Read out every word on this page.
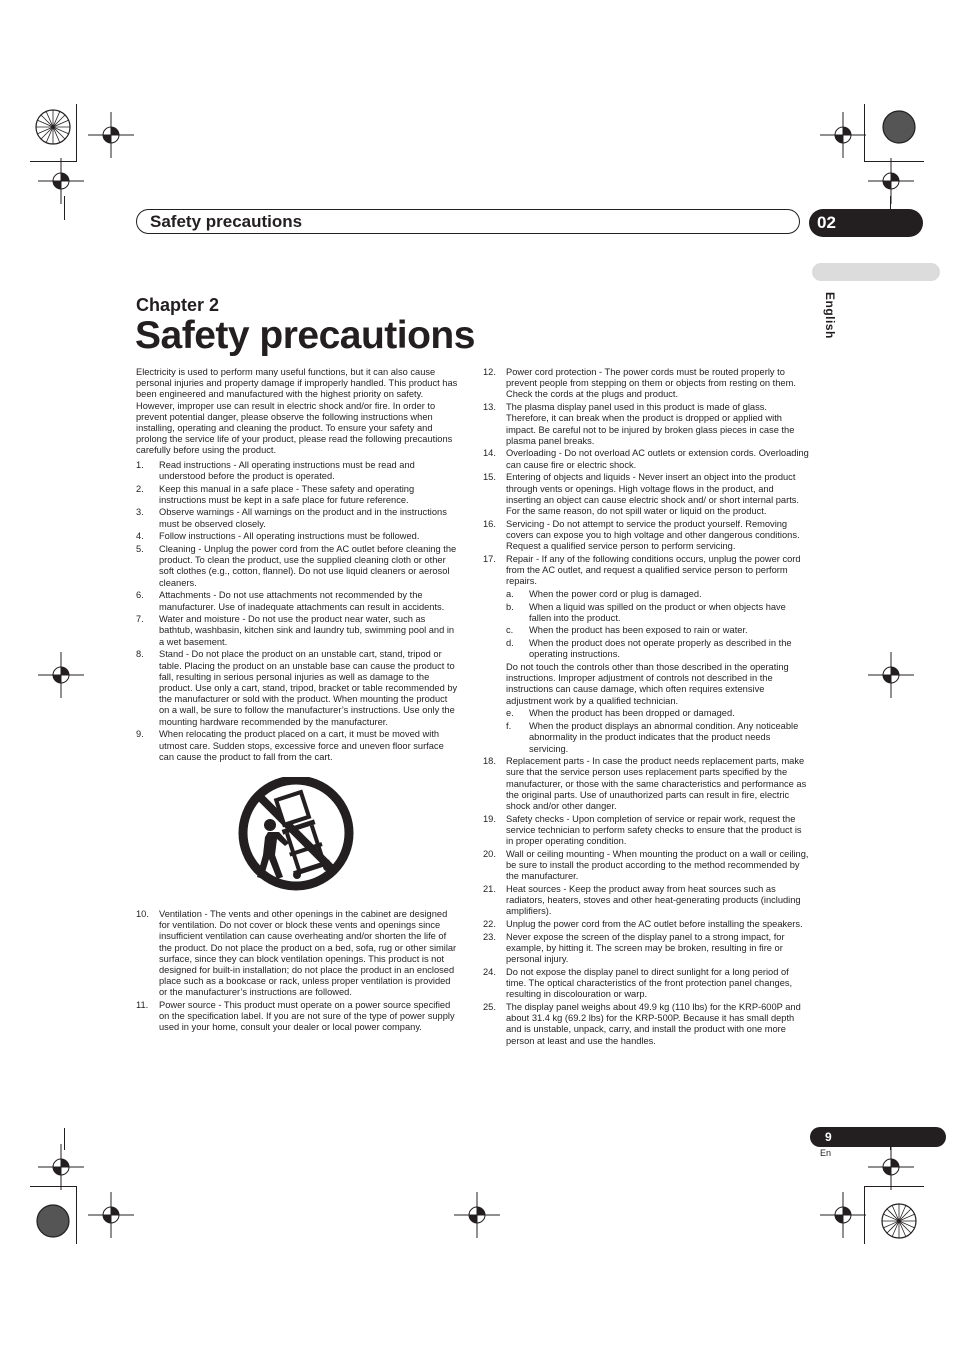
Safety precautions	02
English
Chapter 2
Safety precautions

Electricity is used to perform many useful functions, but it can also cause personal injuries and property damage if improperly handled. This product has been engineered and manufactured with the highest priority on safety. However, improper use can result in electric shock and/or fire. In order to prevent potential danger, please observe the following instructions when installing, operating and cleaning the product. To ensure your safety and prolong the service life of your product, please read the following precautions carefully before using the product.

1. Read instructions - All operating instructions must be read and understood before the product is operated.
2. Keep this manual in a safe place - These safety and operating instructions must be kept in a safe place for future reference.
3. Observe warnings - All warnings on the product and in the instructions must be observed closely.
4. Follow instructions - All operating instructions must be followed.
5. Cleaning - Unplug the power cord from the AC outlet before cleaning the product. To clean the product, use the supplied cleaning cloth or other soft clothes (e.g., cotton, flannel). Do not use liquid cleaners or aerosol cleaners.
6. Attachments - Do not use attachments not recommended by the manufacturer. Use of inadequate attachments can result in accidents.
7. Water and moisture - Do not use the product near water, such as bathtub, washbasin, kitchen sink and laundry tub, swimming pool and in a wet basement.
8. Stand - Do not place the product on an unstable cart, stand, tripod or table. Placing the product on an unstable base can cause the product to fall, resulting in serious personal injuries as well as damage to the product. Use only a cart, stand, tripod, bracket or table recommended by the manufacturer or sold with the product. When mounting the product on a wall, be sure to follow the manufacturer’s instructions. Use only the mounting hardware recommended by the manufacturer.
9. When relocating the product placed on a cart, it must be moved with utmost care. Sudden stops, excessive force and uneven floor surface can cause the product to fall from the cart.
10. Ventilation - The vents and other openings in the cabinet are designed for ventilation. Do not cover or block these vents and openings since insufficient ventilation can cause overheating and/or shorten the life of the product. Do not place the product on a bed, sofa, rug or other similar surface, since they can block ventilation openings. This product is not designed for built-in installation; do not place the product in an enclosed place such as a bookcase or rack, unless proper ventilation is provided or the manufacturer’s instructions are followed.
11. Power source - This product must operate on a power source specified on the specification label. If you are not sure of the type of power supply used in your home, consult your dealer or local power company.
12. Power cord protection - The power cords must be routed properly to prevent people from stepping on them or objects from resting on them. Check the cords at the plugs and product.
13. The plasma display panel used in this product is made of glass. Therefore, it can break when the product is dropped or applied with impact. Be careful not to be injured by broken glass pieces in case the plasma panel breaks.
14. Overloading - Do not overload AC outlets or extension cords. Overloading can cause fire or electric shock.
15. Entering of objects and liquids - Never insert an object into the product through vents or openings. High voltage flows in the product, and inserting an object can cause electric shock and/ or short internal parts. For the same reason, do not spill water or liquid on the product.
16. Servicing - Do not attempt to service the product yourself. Removing covers can expose you to high voltage and other dangerous conditions. Request a qualified service person to perform servicing.
17. Repair - If any of the following conditions occurs, unplug the power cord from the AC outlet, and request a qualified service person to perform repairs.
a. When the power cord or plug is damaged.
b. When a liquid was spilled on the product or when objects have fallen into the product.
c. When the product has been exposed to rain or water.
d. When the product does not operate properly as described in the operating instructions.
Do not touch the controls other than those described in the operating instructions. Improper adjustment of controls not described in the instructions can cause damage, which often requires extensive adjustment work by a qualified technician.
e. When the product has been dropped or damaged.
f. When the product displays an abnormal condition. Any noticeable abnormality in the product indicates that the product needs servicing.
18. Replacement parts - In case the product needs replacement parts, make sure that the service person uses replacement parts specified by the manufacturer, or those with the same characteristics and performance as the original parts. Use of unauthorized parts can result in fire, electric shock and/or other danger.
19. Safety checks - Upon completion of service or repair work, request the service technician to perform safety checks to ensure that the product is in proper operating condition.
20. Wall or ceiling mounting - When mounting the product on a wall or ceiling, be sure to install the product according to the method recommended by the manufacturer.
21. Heat sources - Keep the product away from heat sources such as radiators, heaters, stoves and other heat-generating products (including amplifiers).
22. Unplug the power cord from the AC outlet before installing the speakers.
23. Never expose the screen of the display panel to a strong impact, for example, by hitting it. The screen may be broken, resulting in fire or personal injury.
24. Do not expose the display panel to direct sunlight for a long period of time. The optical characteristics of the front protection panel changes, resulting in discolouration or warp.
25. The display panel weighs about 49.9 kg (110 lbs) for the KRP-600P and about 31.4 kg (69.2 lbs) for the KRP-500P. Because it has small depth and is unstable, unpack, carry, and install the product with one more person at least and use the handles.
9
En
